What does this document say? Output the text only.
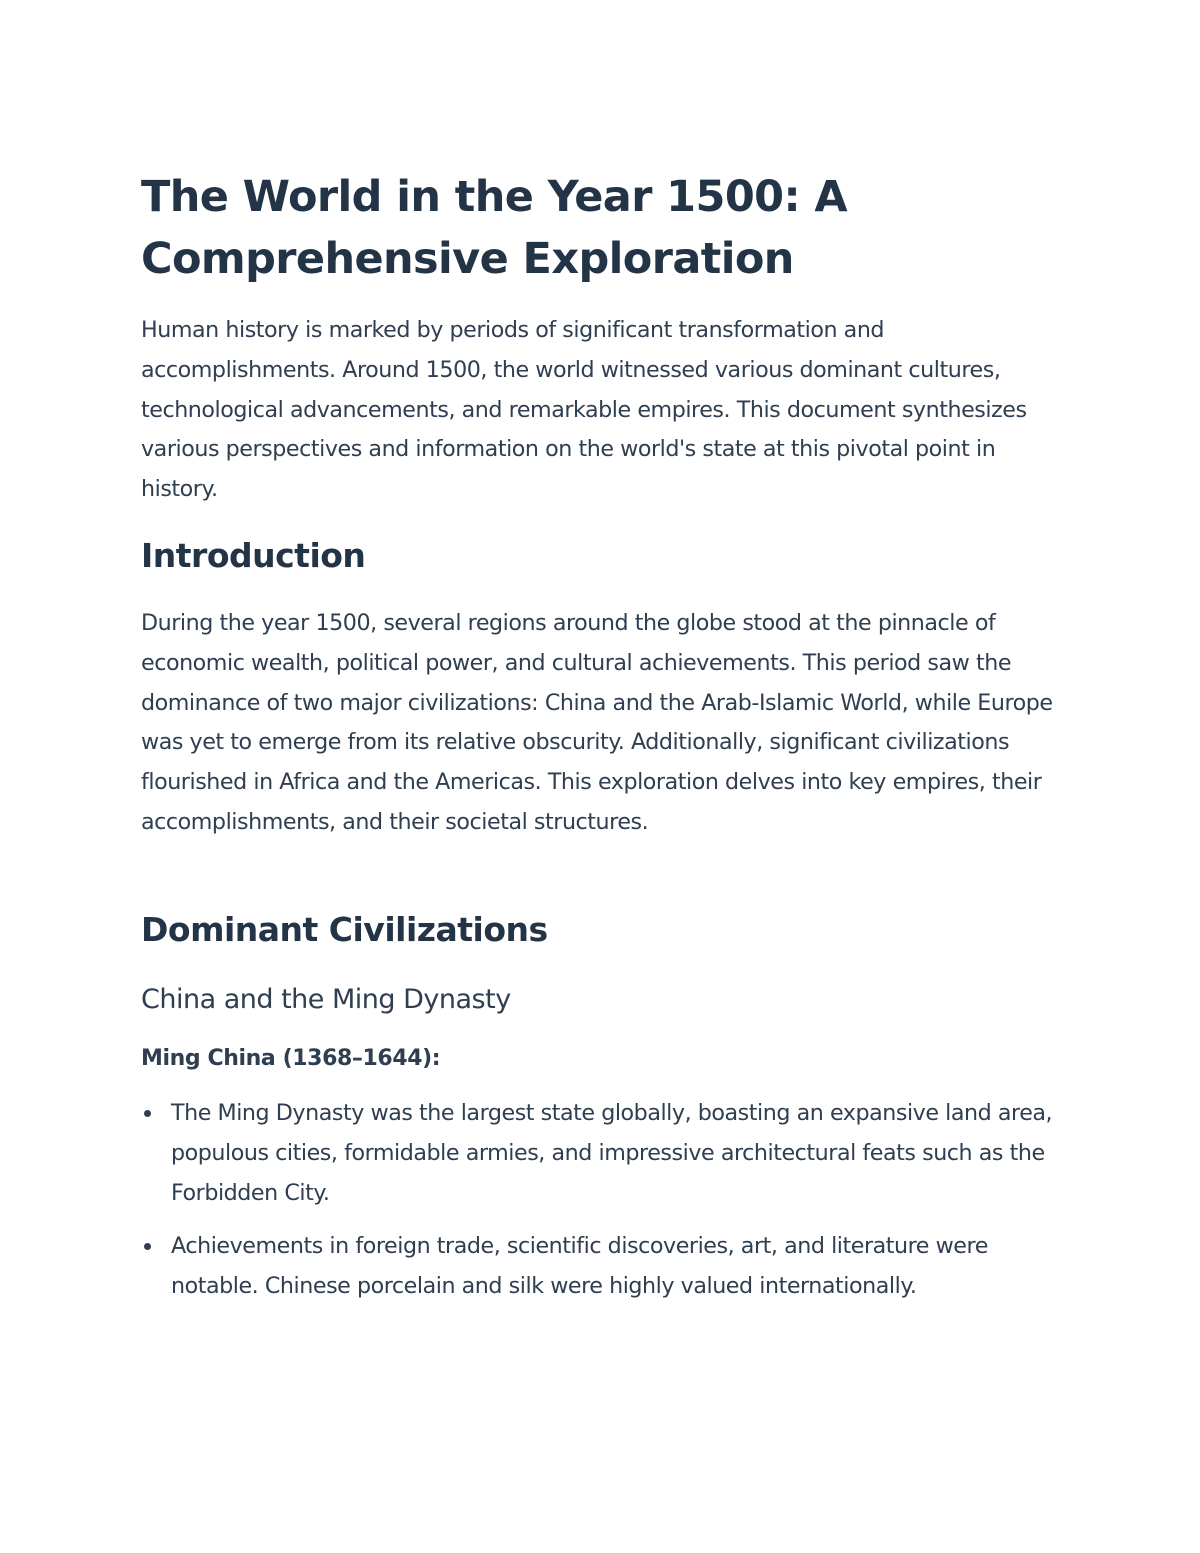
The World in the Year 1500: A Comprehensive Exploration

Human history is marked by periods of significant transformation and accomplishments. Around 1500, the world witnessed various dominant cultures, technological advancements, and remarkable empires. This document synthesizes various perspectives and information on the world's state at this pivotal point in history.

Introduction

During the year 1500, several regions around the globe stood at the pinnacle of economic wealth, political power, and cultural achievements. This period saw the dominance of two major civilizations: China and the Arab-Islamic World, while Europe was yet to emerge from its relative obscurity. Additionally, significant civilizations flourished in Africa and the Americas. This exploration delves into key empires, their accomplishments, and their societal structures.

Dominant Civilizations
China and the Ming Dynasty
Ming China (1368–1644):
The Ming Dynasty was the largest state globally, boasting an expansive land area, populous cities, formidable armies, and impressive architectural feats such as the Forbidden City.
Achievements in foreign trade, scientific discoveries, art, and literature were notable. Chinese porcelain and silk were highly valued internationally.
